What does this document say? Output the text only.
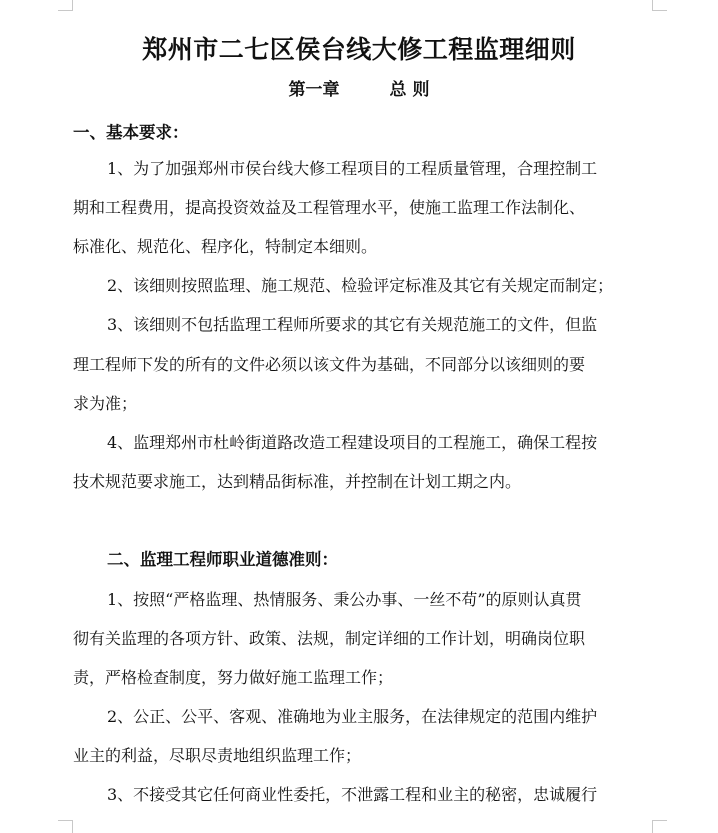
郑州市二七区侯台线大修工程监理细则
第一章	总 则
一、基本要求：
1、为了加强郑州市侯台线大修工程项目的工程质量管理，合理控制工
期和工程费用，提高投资效益及工程管理水平，使施工监理工作法制化、
标准化、规范化、程序化，特制定本细则。
2、该细则按照监理、施工规范、检验评定标准及其它有关规定而制定；
3、该细则不包括监理工程师所要求的其它有关规范施工的文件，但监
理工程师下发的所有的文件必须以该文件为基础，不同部分以该细则的要
求为准；
4、监理郑州市杜岭街道路改造工程建设项目的工程施工，确保工程按
技术规范要求施工，达到精品街标准，并控制在计划工期之内。
二、监理工程师职业道德准则：
1、按照“严格监理、热情服务、秉公办事、一丝不苟”的原则认真贯
彻有关监理的各项方针、政策、法规，制定详细的工作计划，明确岗位职
责，严格检查制度，努力做好施工监理工作；
2、公正、公平、客观、准确地为业主服务，在法律规定的范围内维护
业主的利益，尽职尽责地组织监理工作；
3、不接受其它任何商业性委托，不泄露工程和业主的秘密，忠诚履行
